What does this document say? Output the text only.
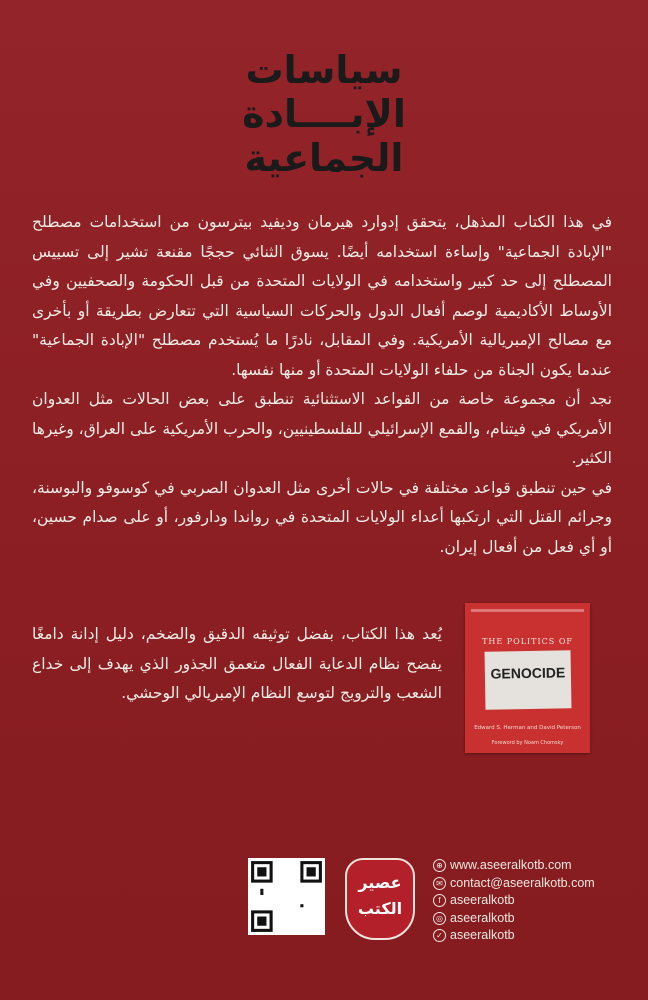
سياسات
الإبــــادة
الجماعية

في هذا الكتاب المذهل، يتحقق إدوارد هيرمان وديفيد بيترسون من استخدامات مصطلح "الإبادة الجماعية" وإساءة استخدامه أيضًا. يسوق الثنائي حججًا مقنعة تشير إلى تسييس المصطلح إلى حد كبير واستخدامه في الولايات المتحدة من قبل الحكومة والصحفيين وفي الأوساط الأكاديمية لوصم أفعال الدول والحركات السياسية التي تتعارض بطريقة أو بأخرى مع مصالح الإمبريالية الأمريكية. وفي المقابل، نادرًا ما يُستخدم مصطلح "الإبادة الجماعية" عندما يكون الجناة من حلفاء الولايات المتحدة أو منها نفسها.

نجد أن مجموعة خاصة من القواعد الاستثنائية تنطبق على بعض الحالات مثل العدوان الأمريكي في فيتنام، والقمع الإسرائيلي للفلسطينيين، والحرب الأمريكية على العراق، وغيرها الكثير.

في حين تنطبق قواعد مختلفة في حالات أخرى مثل العدوان الصربي في كوسوفو والبوسنة، وجرائم القتل التي ارتكبها أعداء الولايات المتحدة في رواندا ودارفور، أو على صدام حسين، أو أي فعل من أفعال إيران.

يُعد هذا الكتاب، بفضل توثيقه الدقيق والضخم، دليل إدانة دامغًا يفضح نظام الدعاية الفعال متعمق الجذور الذي يهدف إلى خداع الشعب والترويج لتوسع النظام الإمبريالي الوحشي.

THE POLITICS OF
GENOCIDE
Edward S. Herman and David Peterson
Foreword by Noam Chomsky
عصير
الكتب
⊕ www.aseeralkotb.com
✉ contact@aseeralkotb.com
f aseeralkotb
◎ aseeralkotb
✓ aseeralkotb
